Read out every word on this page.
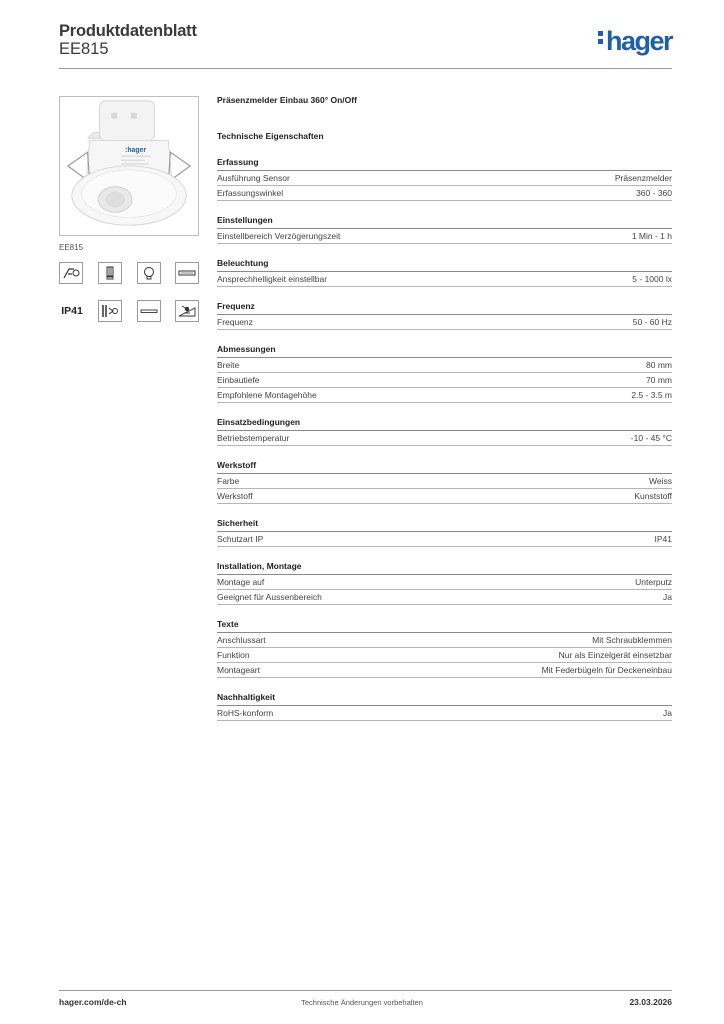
Produktdatenblatt
EE815	hager
:hager
EE815
IP41
Präsenzmelder Einbau 360° On/Off
Technische Eigenschaften
Erfassung
Ausführung Sensor	Präsenzmelder
Erfassungswinkel	360 - 360
Einstellungen
Einstellbereich Verzögerungszeit	1 Min - 1 h
Beleuchtung
Ansprechhelligkeit einstellbar	5 - 1000 lx
Frequenz
Frequenz	50 - 60 Hz
Abmessungen
Breite	80 mm
Einbautiefe	70 mm
Empfohlene Montagehöhe	2.5 - 3.5 m
Einsatzbedingungen
Betriebstemperatur	-10 - 45 °C
Werkstoff
Farbe	Weiss
Werkstoff	Kunststoff
Sicherheit
Schutzart IP	IP41
Installation, Montage
Montage auf	Unterputz
Geeignet für Aussenbereich	Ja
Texte
Anschlussart	Mit Schraubklemmen
Funktion	Nur als Einzelgerät einsetzbar
Montageart	Mit Federbügeln für Deckeneinbau
Nachhaltigkeit
RoHS-konform	Ja
hager.com/de-ch	Technische Änderungen vorbehalten	23.03.2026
